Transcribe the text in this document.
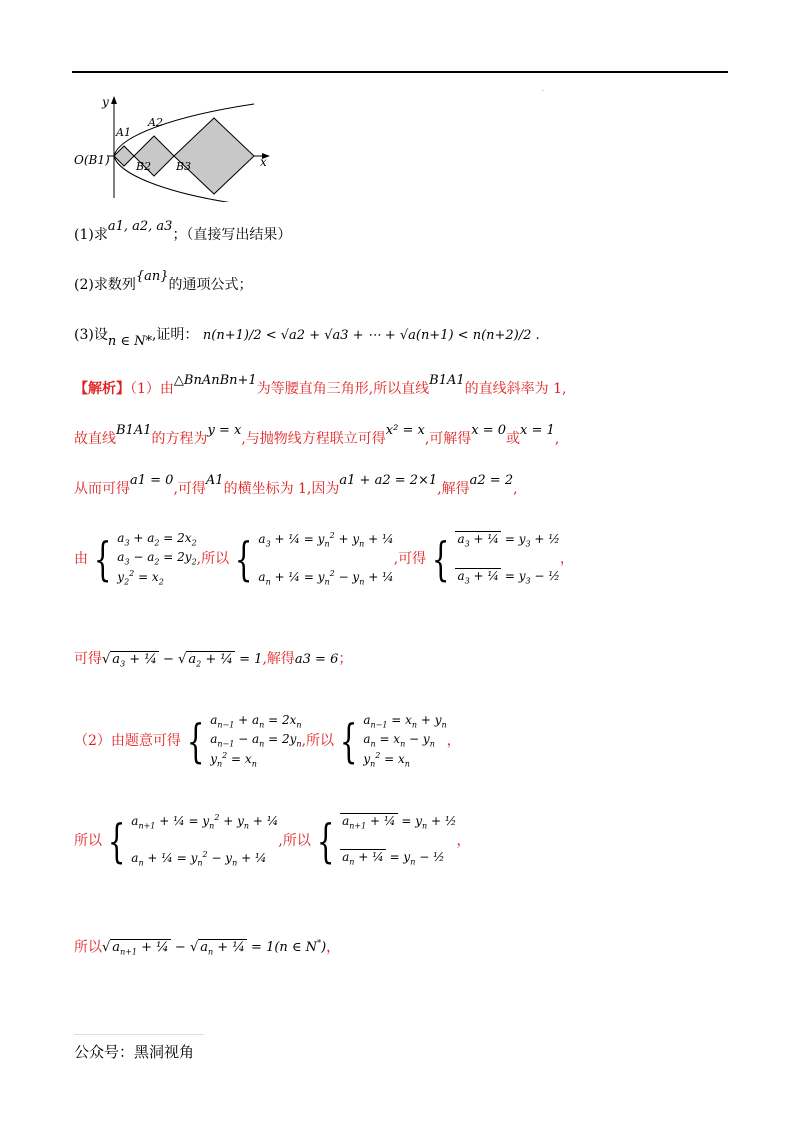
.
y
x
O(B1)
A1
A2
B2 B3
(1)求a1, a2, a3；（直接写出结果）
(2)求数列{an}的通项公式；
(3)设n ∈ N*,证明： n(n+1)/2 < √a2 + √a3 + ⋯ + √a(n+1) < n(n+2)/2 .
【解析】（1）由△BnAnBn+1为等腰直角三角形,所以直线B1A1的直线斜率为 1,
故直线B1A1的方程为y = x,与抛物线方程联立可得x² = x,可解得x = 0或x = 1,
从而可得a1 = 0,可得A1的横坐标为 1,因为a1 + a2 = 2×1,解得a2 = 2,
由 { $a_3 + a_2 = 2x_2$
$a_3 - a_2 = 2y_2$
$y_2^2 = x_2$,所以 { $a_3$ + ¼ = $y_n^2 + y_n$ + ¼

$a_n$ + ¼ = $y_n^2 - y_n$ + ¼,可得 { $a_3$ + ¼ = $y_3$ + ½

$a_3$ + ¼ = $y_3$ − ½，
可得√ $a_3$ + ¼ − √ $a_2$ + ¼ = 1,解得a3 = 6；
（2）由题意可得 { $a_{n-1} + a_n = 2x_n$
$a_{n-1} - a_n = 2y_n$
$y_n^2 = x_n$,所以 { $a_{n-1} = x_n + y_n$
$a_n = x_n - y_n$
$y_n^2 = x_n$，
所以 { $a_{n+1}$ + ¼ = $y_n^2 + y_n$ + ¼

$a_n$ + ¼ = $y_n^2 - y_n$ + ¼,所以 { $a_{n+1}$ + ¼ = $y_n$ + ½

$a_n$ + ¼ = $y_n$ − ½，
所以√ $a_{n+1}$ + ¼ − √ $a_n$ + ¼ = 1(n ∈ N*)，
公众号：黑洞视角
